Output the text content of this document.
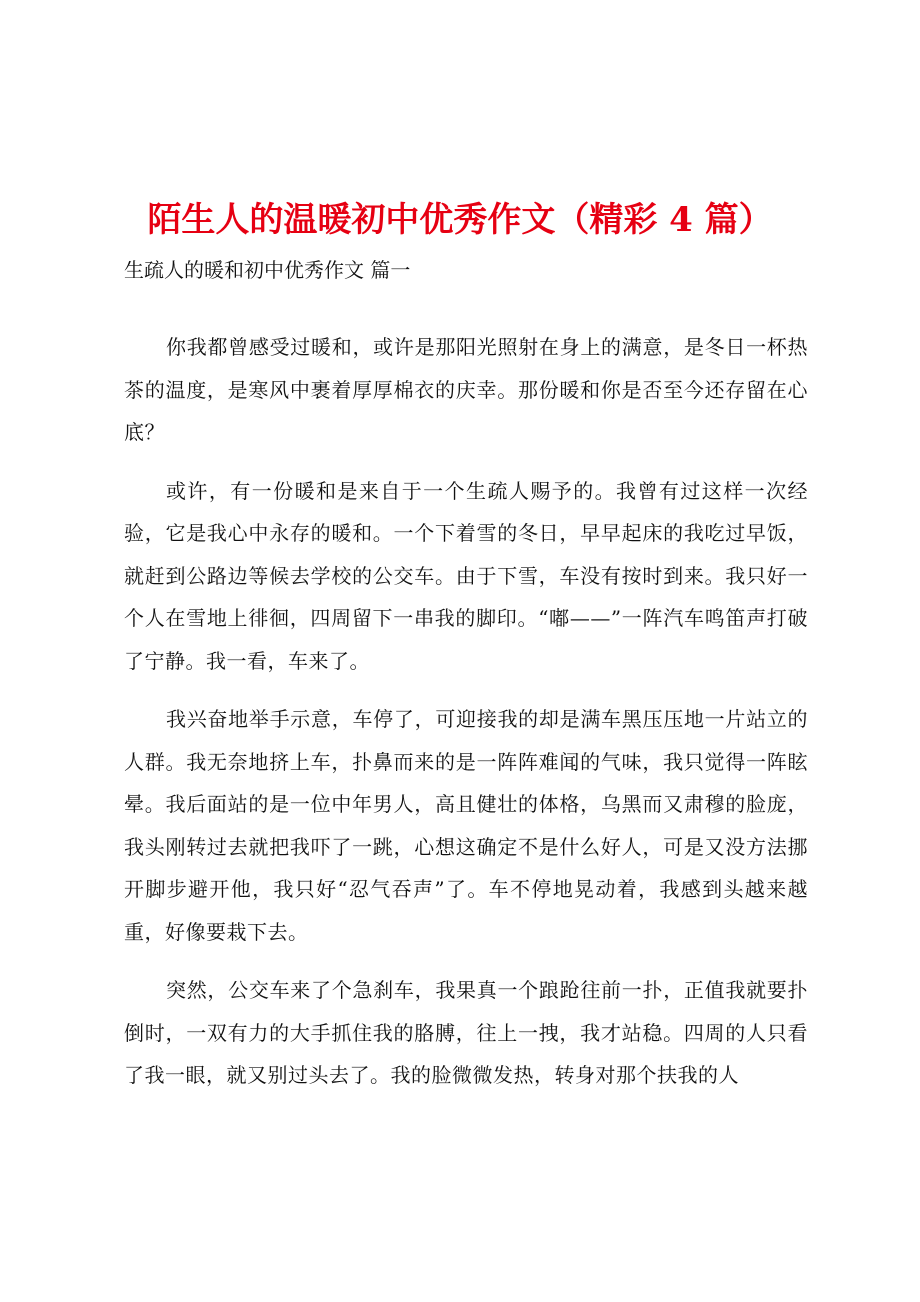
陌生人的温暖初中优秀作文（精彩 4 篇）

生疏人的暖和初中优秀作文 篇一

你我都曾感受过暖和，或许是那阳光照射在身上的满意，是冬日一杯热茶的温度，是寒风中裹着厚厚棉衣的庆幸。那份暖和你是否至今还存留在心底？

或许，有一份暖和是来自于一个生疏人赐予的。我曾有过这样一次经验，它是我心中永存的暖和。一个下着雪的冬日，早早起床的我吃过早饭，就赶到公路边等候去学校的公交车。由于下雪，车没有按时到来。我只好一个人在雪地上徘徊，四周留下一串我的脚印。“嘟——”一阵汽车鸣笛声打破了宁静。我一看，车来了。

我兴奋地举手示意，车停了，可迎接我的却是满车黑压压地一片站立的人群。我无奈地挤上车，扑鼻而来的是一阵阵难闻的气味，我只觉得一阵眩晕。我后面站的是一位中年男人，高且健壮的体格，乌黑而又肃穆的脸庞，我头刚转过去就把我吓了一跳，心想这确定不是什么好人，可是又没方法挪开脚步避开他，我只好“忍气吞声”了。车不停地晃动着，我感到头越来越重，好像要栽下去。

突然，公交车来了个急刹车，我果真一个踉跄往前一扑，正值我就要扑倒时，一双有力的大手抓住我的胳膊，往上一拽，我才站稳。四周的人只看了我一眼，就又别过头去了。我的脸微微发热，转身对那个扶我的人
